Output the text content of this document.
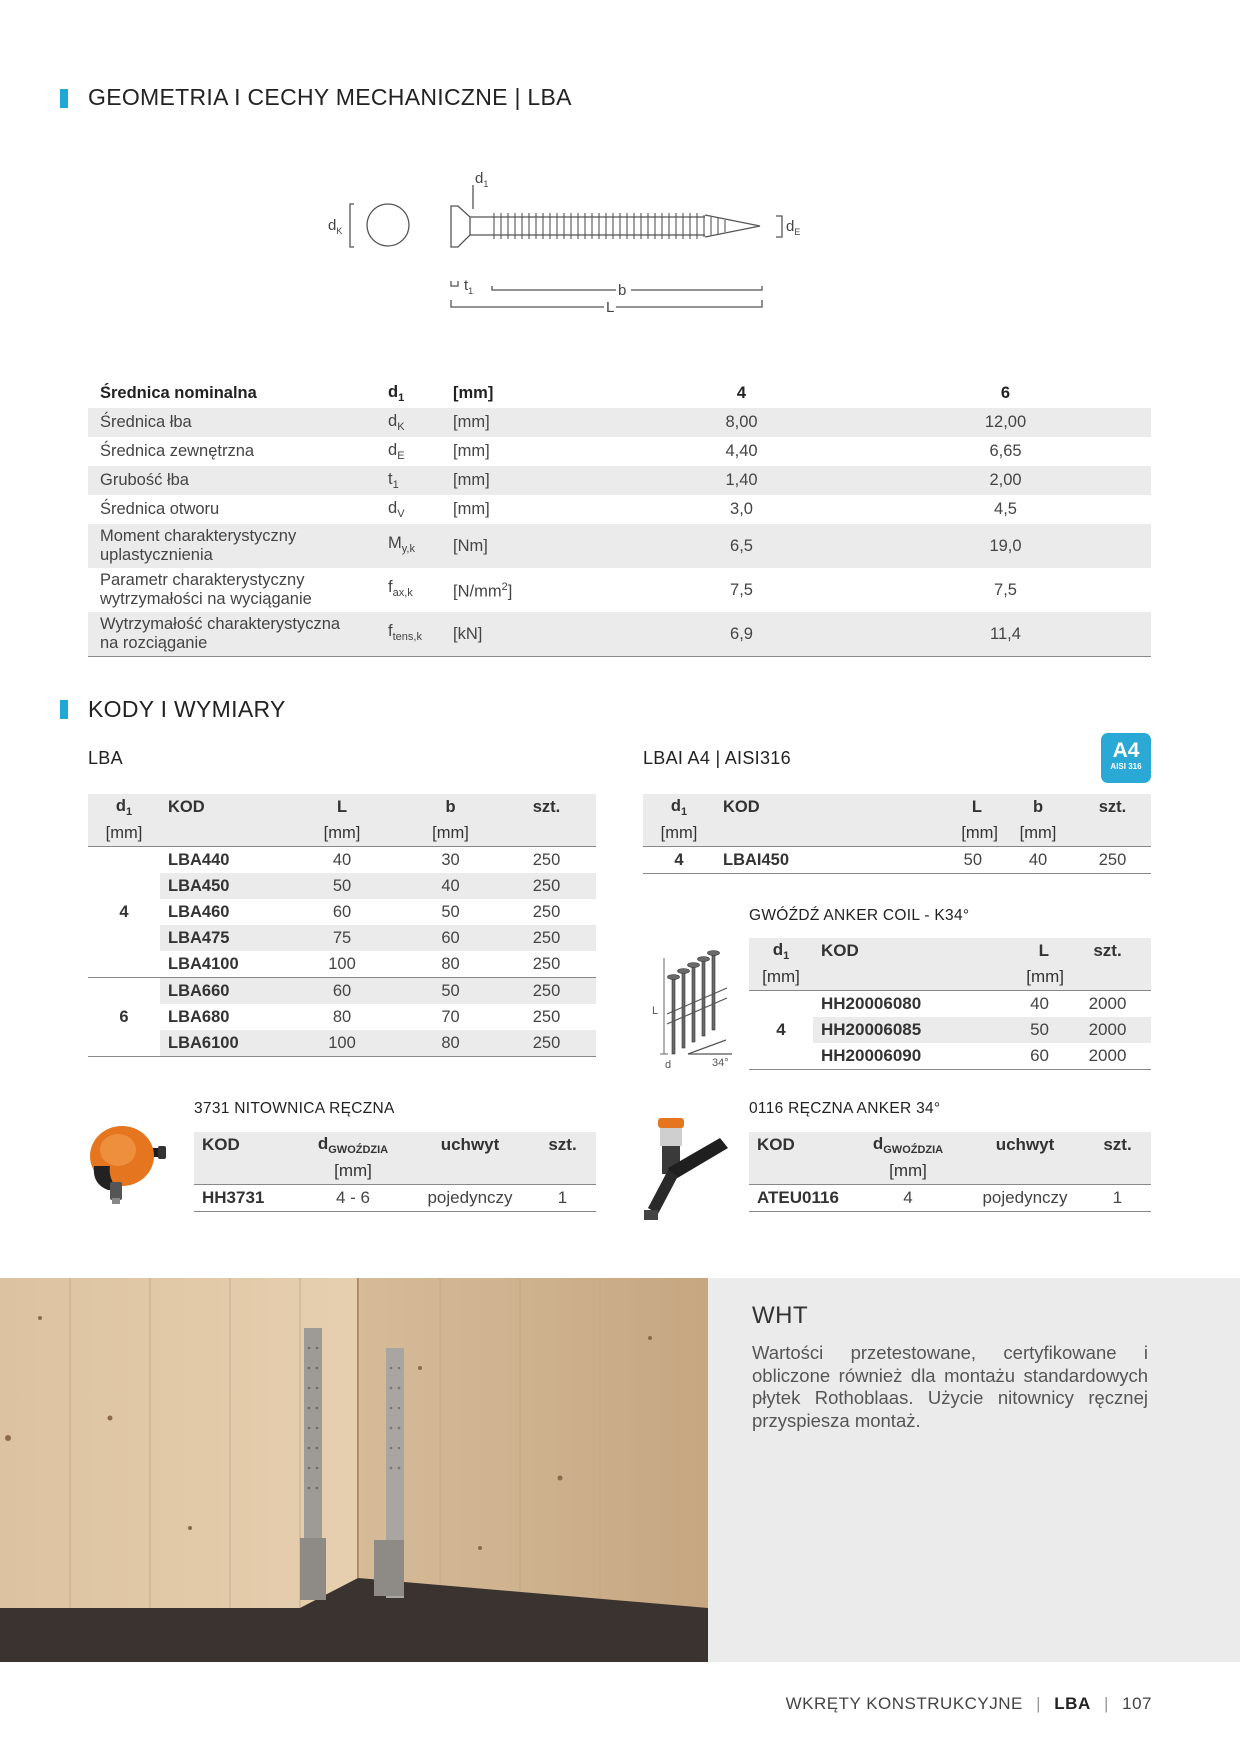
GEOMETRIA I CECHY MECHANICZNE | LBA
$d_K$
$d_1$
$d_E$
$t_1$	b
L
Średnica nominalna	$d_1$	[mm]	4	6
Średnica łba	$d_K$	[mm]	8,00	12,00
Średnica zewnętrzna	$d_E$	[mm]	4,40	6,65
Grubość łba	$t_1$	[mm]	1,40	2,00
Średnica otworu	$d_V$	[mm]	3,0	4,5
Moment charakterystyczny
uplastycznienia	$M_{y,k}$	[Nm]	6,5	19,0
Parametr charakterystyczny
wytrzymałości na wyciąganie	$f_{ax,k}$	$[N/mm^2]$	7,5	7,5
Wytrzymałość charakterystyczna
na rozciąganie	$f_{tens,k}$	[kN]	6,9	11,4
KODY I WYMIARY
LBA	LBAI A4 | AISI316	A4
AISI 316
$d_1$	KOD	L	b	szt.
[mm]		[mm]	[mm]	
4	LBA440	40	30	250
	LBA450	50	40	250
	LBA460	60	50	250
	LBA475	75	60	250
	LBA4100	100	80	250
6	LBA660	60	50	250
	LBA680	80	70	250
	LBA6100	100	80	250
$d_1$	KOD	L	b	szt.
[mm]		[mm]	[mm]	
4	LBAI450	50	40	250
GWÓŹDŹ ANKER COIL - K34°
L
d	34°
$d_1$	KOD	L	szt.
[mm]		[mm]	
4	HH20006080	40	2000
	HH20006085	50	2000
	HH20006090	60	2000
3731 NITOWNICA RĘCZNA
KOD	$d_{GWOŹDZIA}$	uchwyt	szt.
	[mm]		
HH3731	4 - 6	pojedynczy	1
0116 RĘCZNA ANKER 34°
KOD	$d_{GWOŹDZIA}$	uchwyt	szt.
	[mm]		
ATEU0116	4	pojedynczy	1
WHT
Wartości przetestowane, certyfikowane i obliczone również dla montażu standardowych płytek Rothoblaas. Użycie nitownicy ręcznej przyspiesza montaż.
WKRĘTY KONSTRUKCYJNE | LBA | 107
